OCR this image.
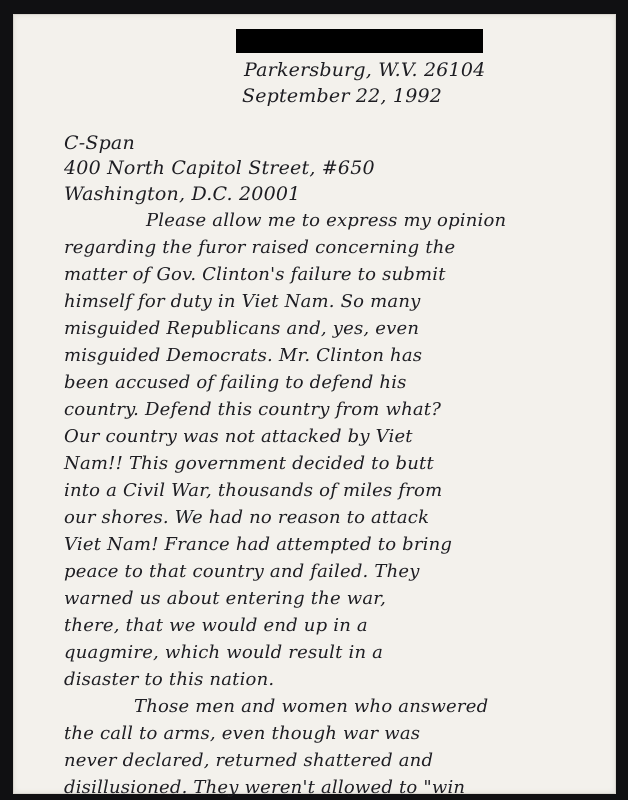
Parkersburg, W.V. 26104
September 22, 1992
C-Span
400 North Capitol Street, #650
Washington, D.C. 20001
Please allow me to express my opinion
regarding the furor raised concerning the
matter of Gov. Clinton's failure to submit
himself for duty in Viet Nam. So many
misguided Republicans and, yes, even
misguided Democrats. Mr. Clinton has
been accused of failing to defend his
country. Defend this country from what?
Our country was not attacked by Viet
Nam!! This government decided to butt
into a Civil War, thousands of miles from
our shores. We had no reason to attack
Viet Nam! France had attempted to bring
peace to that country and failed. They
warned us about entering the war,
there, that we would end up in a
quagmire, which would result in a
disaster to this nation.
Those men and women who answered
the call to arms, even though war was
never declared, returned shattered and
disillusioned. They weren't allowed to "win
